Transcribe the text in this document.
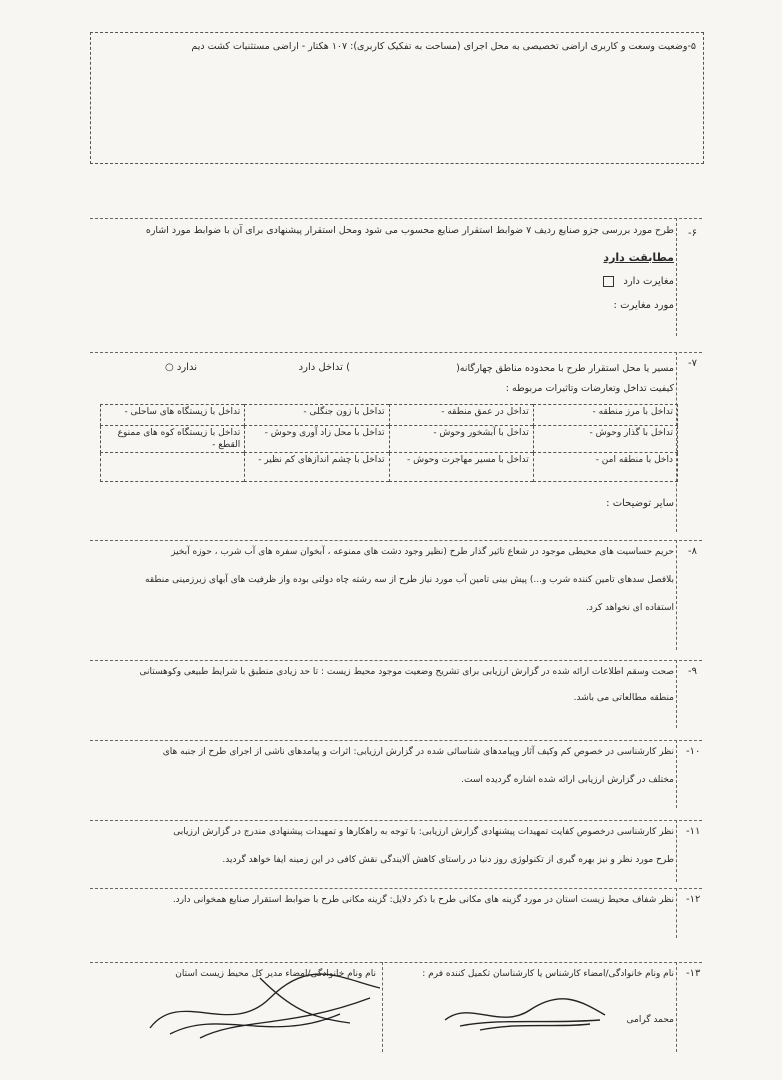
۵-وضعیت وسعت و کاربری اراضی تخصیصی به محل اجرای (مساحت به تفکیک کاربری): ۱۰۷ هکتار - اراضی مستثنیات کشت دیم
-۶
طرح مورد بررسی جزو صنایع ردیف ۷ ضوابط استقرار صنایع محسوب می شود ومحل استقرار پیشنهادی برای آن با ضوابط مورد اشاره
مطابقت دارد
مغایرت دارد
مورد مغایرت :
-۷
مسیر یا محل استقرار طرح با محدوده مناطق چهارگانه(
) تداخل دارد
ندارد ○
کیفیت تداخل وتعارضات وتاثیرات مربوطه :
تداخل با مرز منطقه -	تداخل در عمق منطقه -	تداخل با زون جنگلی -	تداخل با زیستگاه های ساحلی -
تداخل با گذار وحوش -	تداخل با آبشخور وحوش -	تداخل با محل زاد آوری وحوش -	تداخل با زیستگاه کوه های ممنوع القطع -
داخل با منطقه امن -	تداخل با مسیر مهاجرت وحوش -	تداخل با چشم اندازهای کم نظیر -	
سایر توضیحات :
-۸
حریم حساسیت های محیطی موجود در شعاع تاثیر گذار طرح (نظیر وجود دشت های ممنوعه ، آبخوان سفره های آب شرب ، حوزه آبخیز
بلافصل سدهای تامین کننده شرب و...) پیش بینی تامین آب مورد نیاز طرح از سه رشته چاه دولتی بوده واز ظرفیت های آبهای زیرزمینی منطقه
استفاده ای نخواهد کرد.
-۹
صحت وسقم اطلاعات ارائه شده در گزارش ارزیابی برای تشریح وضعیت موجود محیط زیست : تا حد زیادی منطبق با شرایط طبیعی وکوهستانی
منطقه مطالعاتی می باشد.
-۱۰
نظر کارشناسی در خصوص کم وکیف آثار وپیامدهای شناسائی شده در گزارش ارزیابی: اثرات و پیامدهای ناشی از اجرای طرح از جنبه های
مختلف در گزارش ارزیابی ارائه شده اشاره گردیده است.
-۱۱
نظر کارشناسی درخصوص کفایت تمهیدات پیشنهادی گزارش ارزیابی: با توجه به راهکارها و تمهیدات پیشنهادی مندرج در گزارش ارزیابی
طرح مورد نظر و نیز بهره گیری از تکنولوژی روز دنیا در راستای کاهش آلایندگی نقش کافی در این زمینه ایفا خواهد گردید.
-۱۲
نظر شفاف محیط زیست استان در مورد گزینه های مکانی طرح با ذکر دلایل: گزینه مکانی طرح با ضوابط استقرار صنایع همخوانی دارد.
-۱۳
نام ونام خانوادگی/امضاء کارشناس یا کارشناسان تکمیل کننده فرم :
نام ونام خانوادگی/امضاء مدیر کل محیط زیست استان
محمد گرامی
